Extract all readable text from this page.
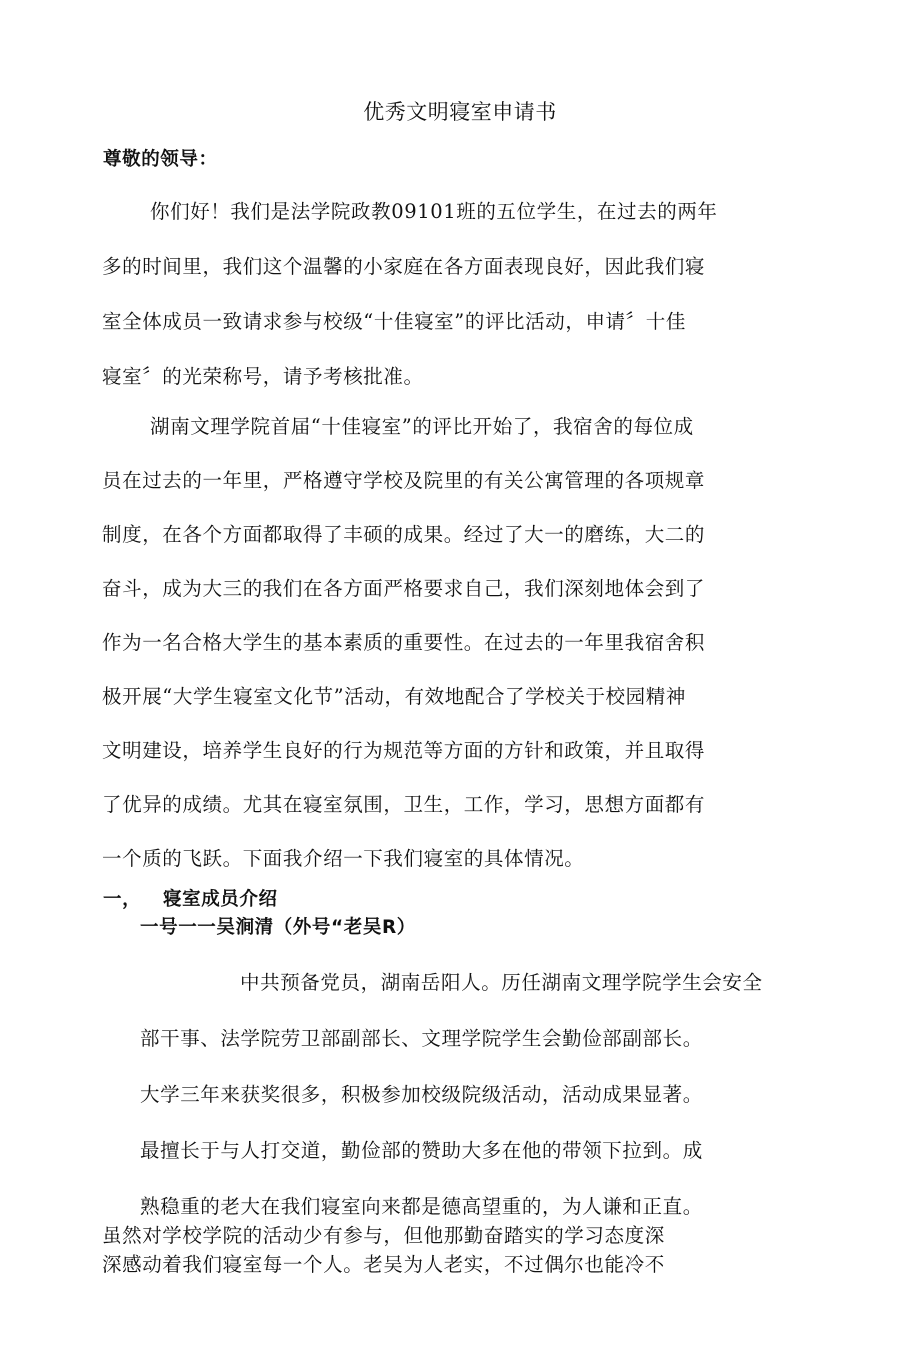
优秀文明寝室申请书
尊敬的领导：
你们好！我们是法学院政教09101班的五位学生，在过去的两年
多的时间里，我们这个温馨的小家庭在各方面表现良好，因此我们寝
室全体成员一致请求参与校级“十佳寝室”的评比活动，申请〞十佳
寝室〞的光荣称号，请予考核批准。
湖南文理学院首届“十佳寝室”的评比开始了，我宿舍的每位成
员在过去的一年里，严格遵守学校及院里的有关公寓管理的各项规章
制度，在各个方面都取得了丰硕的成果。经过了大一的磨练，大二的
奋斗，成为大三的我们在各方面严格要求自己，我们深刻地体会到了
作为一名合格大学生的基本素质的重要性。在过去的一年里我宿舍积
极开展“大学生寝室文化节”活动，有效地配合了学校关于校园精神
文明建设，培养学生良好的行为规范等方面的方针和政策，并且取得
了优异的成绩。尤其在寝室氛围，卫生，工作，学习，思想方面都有
一个质的飞跃。下面我介绍一下我们寝室的具体情况。
一， 寝室成员介绍
一号一一吴涧清（外号“老吴R）
中共预备党员，湖南岳阳人。历任湖南文理学院学生会安全
部干事、法学院劳卫部副部长、文理学院学生会勤俭部副部长。
大学三年来获奖很多，积极参加校级院级活动，活动成果显著。
最擅长于与人打交道，勤俭部的赞助大多在他的带领下拉到。成
熟稳重的老大在我们寝室向来都是德高望重的，为人谦和正直。
虽然对学校学院的活动少有参与，但他那勤奋踏实的学习态度深
深感动着我们寝室每一个人。老吴为人老实，不过偶尔也能冷不
